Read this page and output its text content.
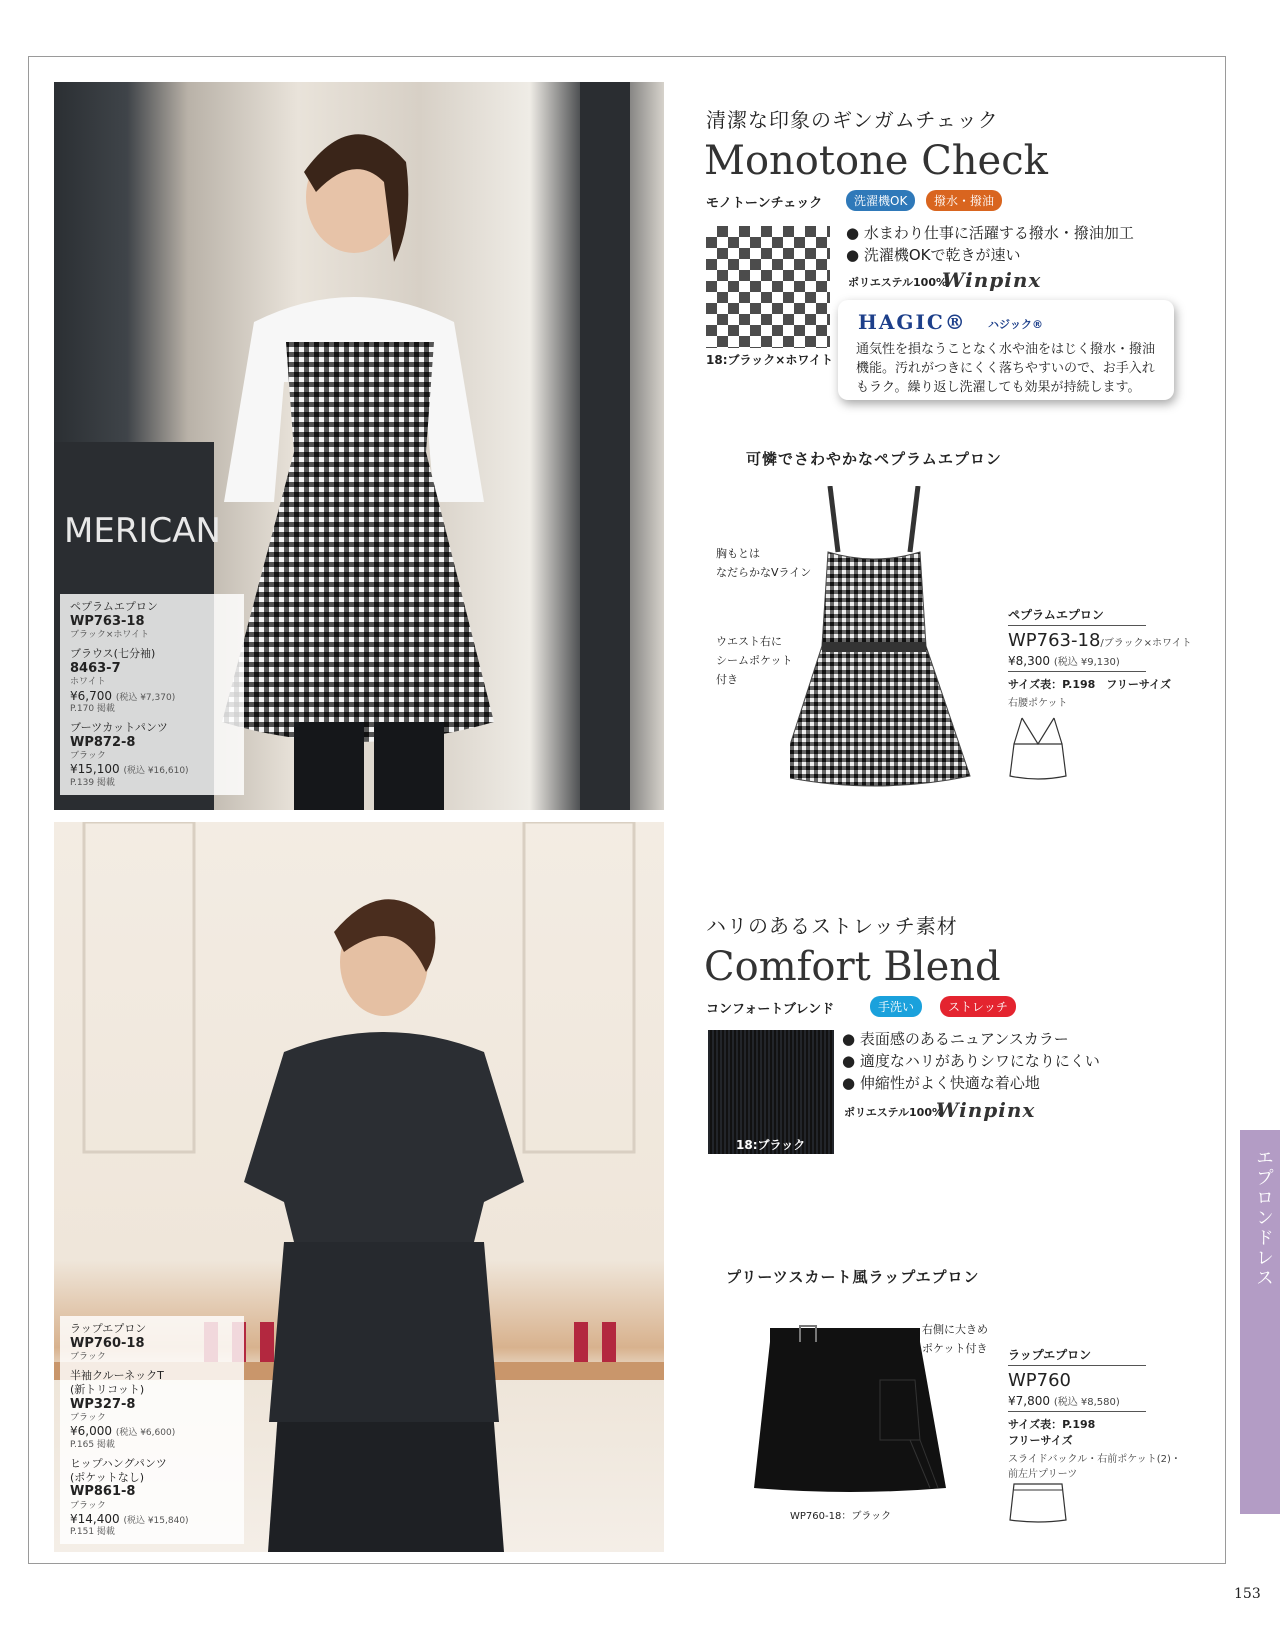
MERICAN
ペプラムエプロン
WP763-18
ブラック×ホワイト
ブラウス(七分袖)
8463-7
ホワイト
¥6,700 (税込 ¥7,370)
P.170 掲載
ブーツカットパンツ
WP872-8
ブラック
¥15,100 (税込 ¥16,610)
P.139 掲載
ラップエプロン
WP760-18
ブラック
半袖クルーネックT
(新トリコット)
WP327-8
ブラック
¥6,000 (税込 ¥6,600)
P.165 掲載
ヒップハングパンツ
(ポケットなし)
WP861-8
ブラック
¥14,400 (税込 ¥15,840)
P.151 掲載
清潔な印象のギンガムチェック
Monotone Check
モノトーンチェック	洗濯機OK	撥水・撥油
18:ブラック×ホワイト
● 水まわり仕事に活躍する撥水・撥油加工
● 洗濯機OKで乾きが速い
ポリエステル100%
Winpinx
HAGIC® ハジック®
通気性を損なうことなく水や油をはじく撥水・撥油機能。汚れがつきにくく落ちやすいので、お手入れもラク。繰り返し洗濯しても効果が持続します。
可憐でさわやかなペプラムエプロン
胸もとは
なだらかなVライン
ウエスト右に
シームポケット
付き
ペプラムエプロン
WP763-18/ブラック×ホワイト
¥8,300 (税込 ¥9,130)
サイズ表：P.198　フリーサイズ
右腰ポケット
ハリのあるストレッチ素材
Comfort Blend
コンフォートブレンド	手洗い	ストレッチ
18:ブラック
● 表面感のあるニュアンスカラー
● 適度なハリがありシワになりにくい
● 伸縮性がよく快適な着心地
ポリエステル100%
Winpinx
プリーツスカート風ラップエプロン
右側に大きめ
ポケット付き
WP760-18：ブラック
ラップエプロン
WP760
¥7,800 (税込 ¥8,580)
サイズ表：P.198
フリーサイズ
スライドバックル・右前ポケット(2)・
前左片プリーツ
エプロンドレス
153
